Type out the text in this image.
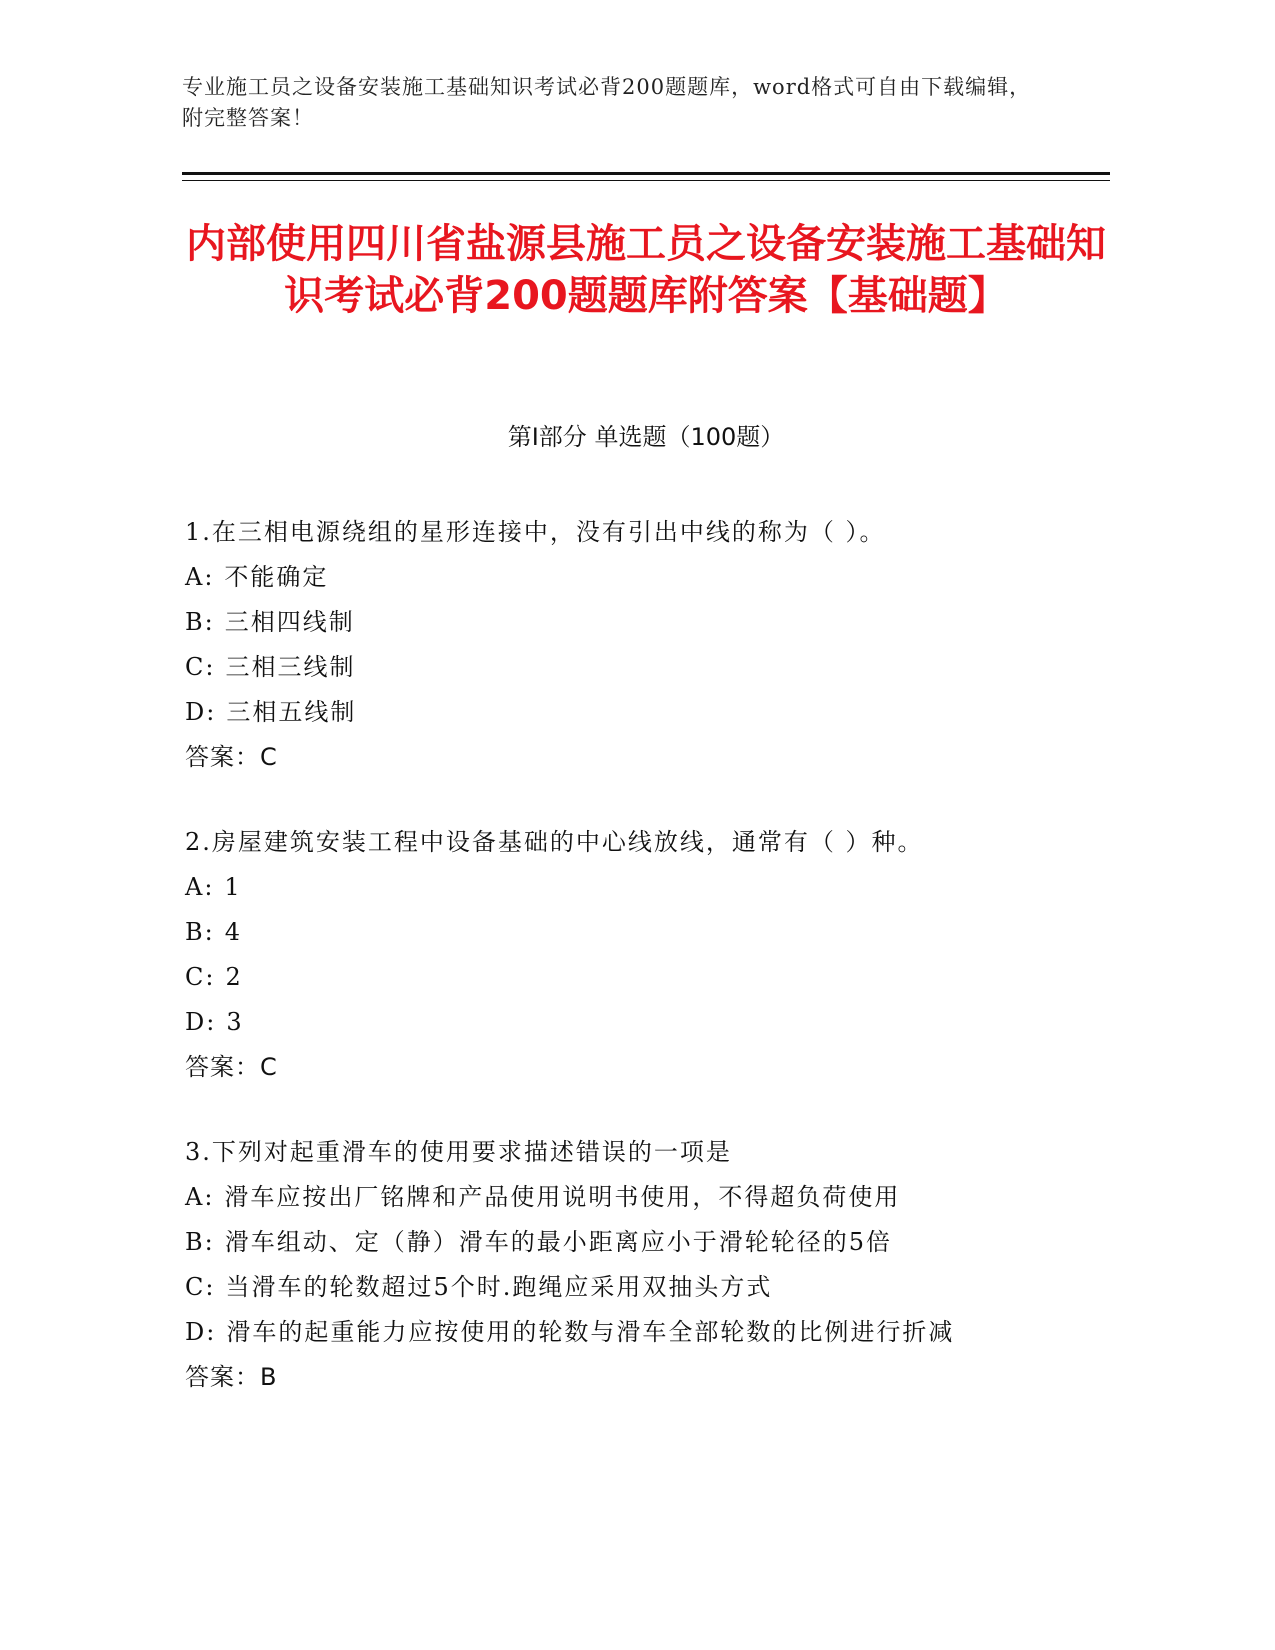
专业施工员之设备安装施工基础知识考试必背200题题库，word格式可自由下载编辑，附完整答案！
内部使用四川省盐源县施工员之设备安装施工基础知识考试必背200题题库附答案【基础题】
第Ⅰ部分 单选题（100题）
1.在三相电源绕组的星形连接中，没有引出中线的称为（ ）。
A: 不能确定
B: 三相四线制
C: 三相三线制
D: 三相五线制
答案：C
2.房屋建筑安装工程中设备基础的中心线放线，通常有（ ）种。
A: 1
B: 4
C: 2
D: 3
答案：C
3.下列对起重滑车的使用要求描述错误的一项是
A: 滑车应按出厂铭牌和产品使用说明书使用，不得超负荷使用
B: 滑车组动、定（静）滑车的最小距离应小于滑轮轮径的5倍
C: 当滑车的轮数超过5个时.跑绳应采用双抽头方式
D: 滑车的起重能力应按使用的轮数与滑车全部轮数的比例进行折减
答案：B
